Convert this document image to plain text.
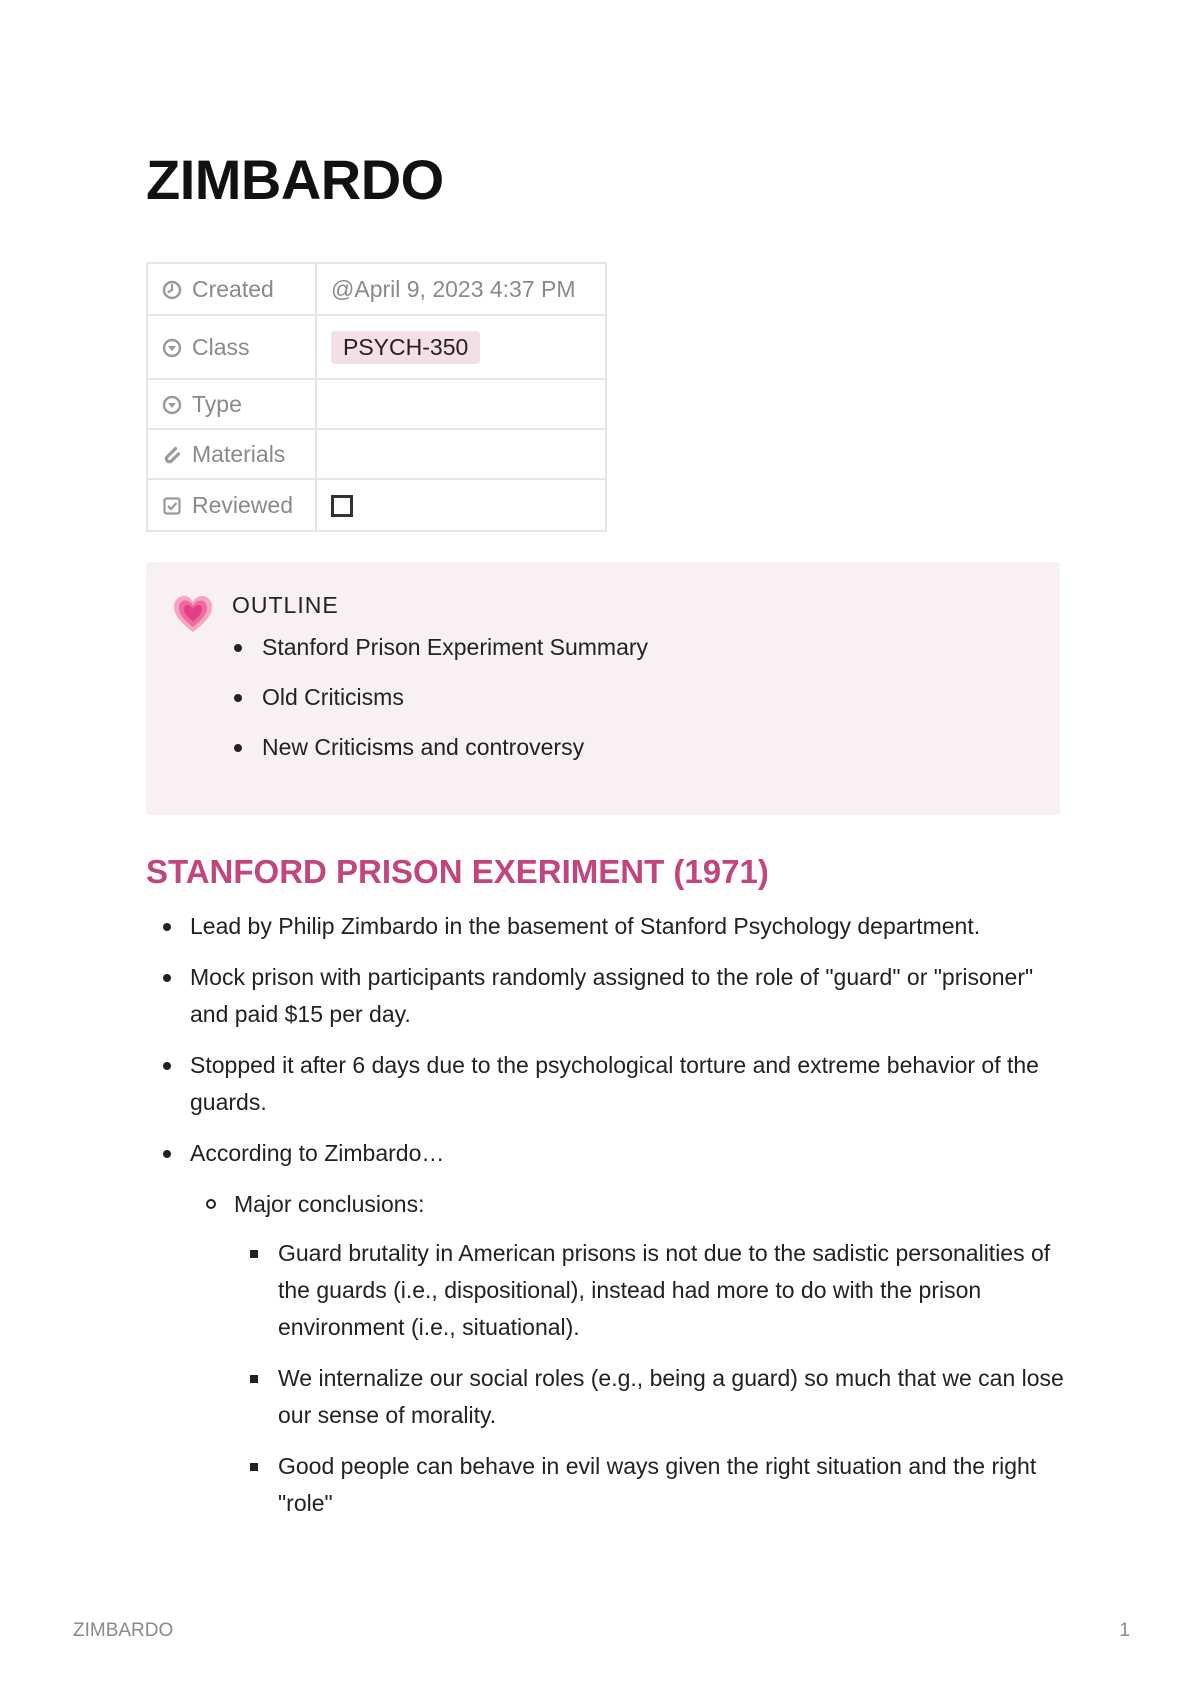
ZIMBARDO
Created	@April 9, 2023 4:37 PM
Class	PSYCH-350
Type	
Materials	
Reviewed	
OUTLINE
Stanford Prison Experiment Summary
Old Criticisms
New Criticisms and controversy
STANFORD PRISON EXERIMENT (1971)
Lead by Philip Zimbardo in the basement of Stanford Psychology department.
Mock prison with participants randomly assigned to the role of "guard" or "prisoner" and paid $15 per day.
Stopped it after 6 days due to the psychological torture and extreme behavior of the guards.
According to Zimbardo…
Major conclusions:
Guard brutality in American prisons is not due to the sadistic personalities of the guards (i.e., dispositional), instead had more to do with the prison environment (i.e., situational).
We internalize our social roles (e.g., being a guard) so much that we can lose our sense of morality.
Good people can behave in evil ways given the right situation and the right "role"
ZIMBARDO	1
